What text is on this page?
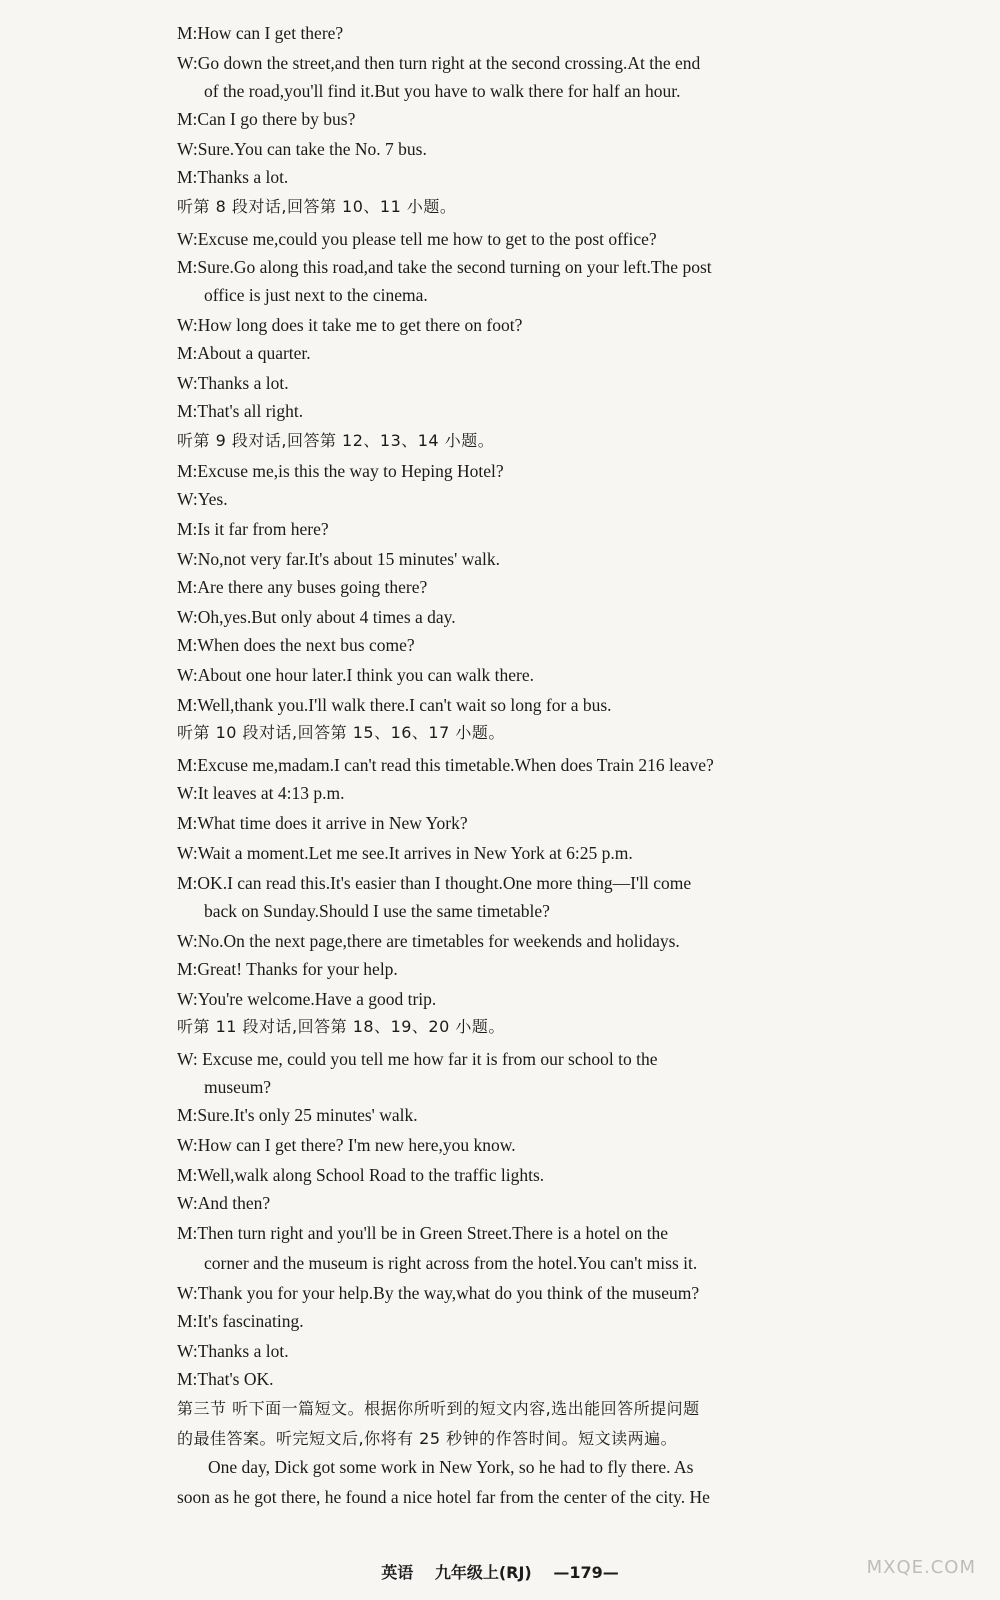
M:How can I get there?
W:Go down the street,and then turn right at the second crossing.At the end
of the road,you'll find it.But you have to walk there for half an hour.
M:Can I go there by bus?
W:Sure.You can take the No. 7 bus.
M:Thanks a lot.
听第 8 段对话,回答第 10、11 小题。
W:Excuse me,could you please tell me how to get to the post office?
M:Sure.Go along this road,and take the second turning on your left.The post
office is just next to the cinema.
W:How long does it take me to get there on foot?
M:About a quarter.
W:Thanks a lot.
M:That's all right.
听第 9 段对话,回答第 12、13、14 小题。
M:Excuse me,is this the way to Heping Hotel?
W:Yes.
M:Is it far from here?
W:No,not very far.It's about 15 minutes' walk.
M:Are there any buses going there?
W:Oh,yes.But only about 4 times a day.
M:When does the next bus come?
W:About one hour later.I think you can walk there.
M:Well,thank you.I'll walk there.I can't wait so long for a bus.
听第 10 段对话,回答第 15、16、17 小题。
M:Excuse me,madam.I can't read this timetable.When does Train 216 leave?
W:It leaves at 4:13 p.m.
M:What time does it arrive in New York?
W:Wait a moment.Let me see.It arrives in New York at 6:25 p.m.
M:OK.I can read this.It's easier than I thought.One more thing—I'll come
back on Sunday.Should I use the same timetable?
W:No.On the next page,there are timetables for weekends and holidays.
M:Great! Thanks for your help.
W:You're welcome.Have a good trip.
听第 11 段对话,回答第 18、19、20 小题。
W: Excuse me, could you tell me how far it is from our school to the
museum?
M:Sure.It's only 25 minutes' walk.
W:How can I get there? I'm new here,you know.
M:Well,walk along School Road to the traffic lights.
W:And then?
M:Then turn right and you'll be in Green Street.There is a hotel on the
corner and the museum is right across from the hotel.You can't miss it.
W:Thank you for your help.By the way,what do you think of the museum?
M:It's fascinating.
W:Thanks a lot.
M:That's OK.
第三节 听下面一篇短文。根据你所听到的短文内容,选出能回答所提问题
的最佳答案。听完短文后,你将有 25 秒钟的作答时间。短文读两遍。
One day, Dick got some work in New York, so he had to fly there. As
soon as he got there, he found a nice hotel far from the center of the city. He
英语 九年级上(RJ) —179—	MXQE.COM
